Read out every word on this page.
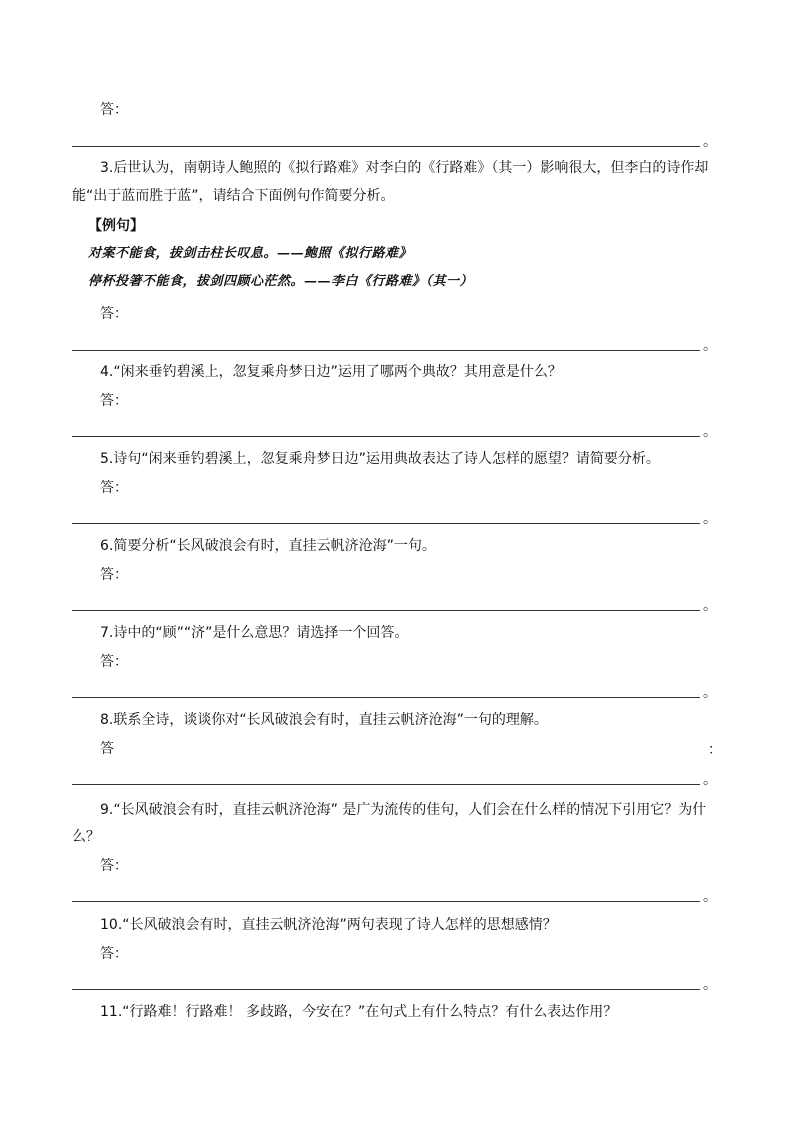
答：
。
3.后世认为，南朝诗人鲍照的《拟行路难》对李白的《行路难》（其一）影响很大，但李白的诗作却
能“出于蓝而胜于蓝”，请结合下面例句作简要分析。
【例句】
对案不能食，拔剑击柱长叹息。——鲍照《拟行路难》
停杯投箸不能食，拔剑四顾心茫然。——李白《行路难》（其一）
答：
。
4.“闲来垂钓碧溪上，忽复乘舟梦日边”运用了哪两个典故？其用意是什么？
答：
。
5.诗句“闲来垂钓碧溪上，忽复乘舟梦日边”运用典故表达了诗人怎样的愿望？请简要分析。
答：
。
6.简要分析“长风破浪会有时，直挂云帆济沧海”一句。
答：
。
7.诗中的“顾”“济”是什么意思？请选择一个回答。
答：
。
8.联系全诗，谈谈你对“长风破浪会有时，直挂云帆济沧海”一句的理解。
答	：
。
9.“长风破浪会有时，直挂云帆济沧海” 是广为流传的佳句，人们会在什么样的情况下引用它？为什
么？
答：
。
10.“长风破浪会有时，直挂云帆济沧海”两句表现了诗人怎样的思想感情？
答：
。
11.“行路难！行路难！ 多歧路，今安在？”在句式上有什么特点？有什么表达作用？
